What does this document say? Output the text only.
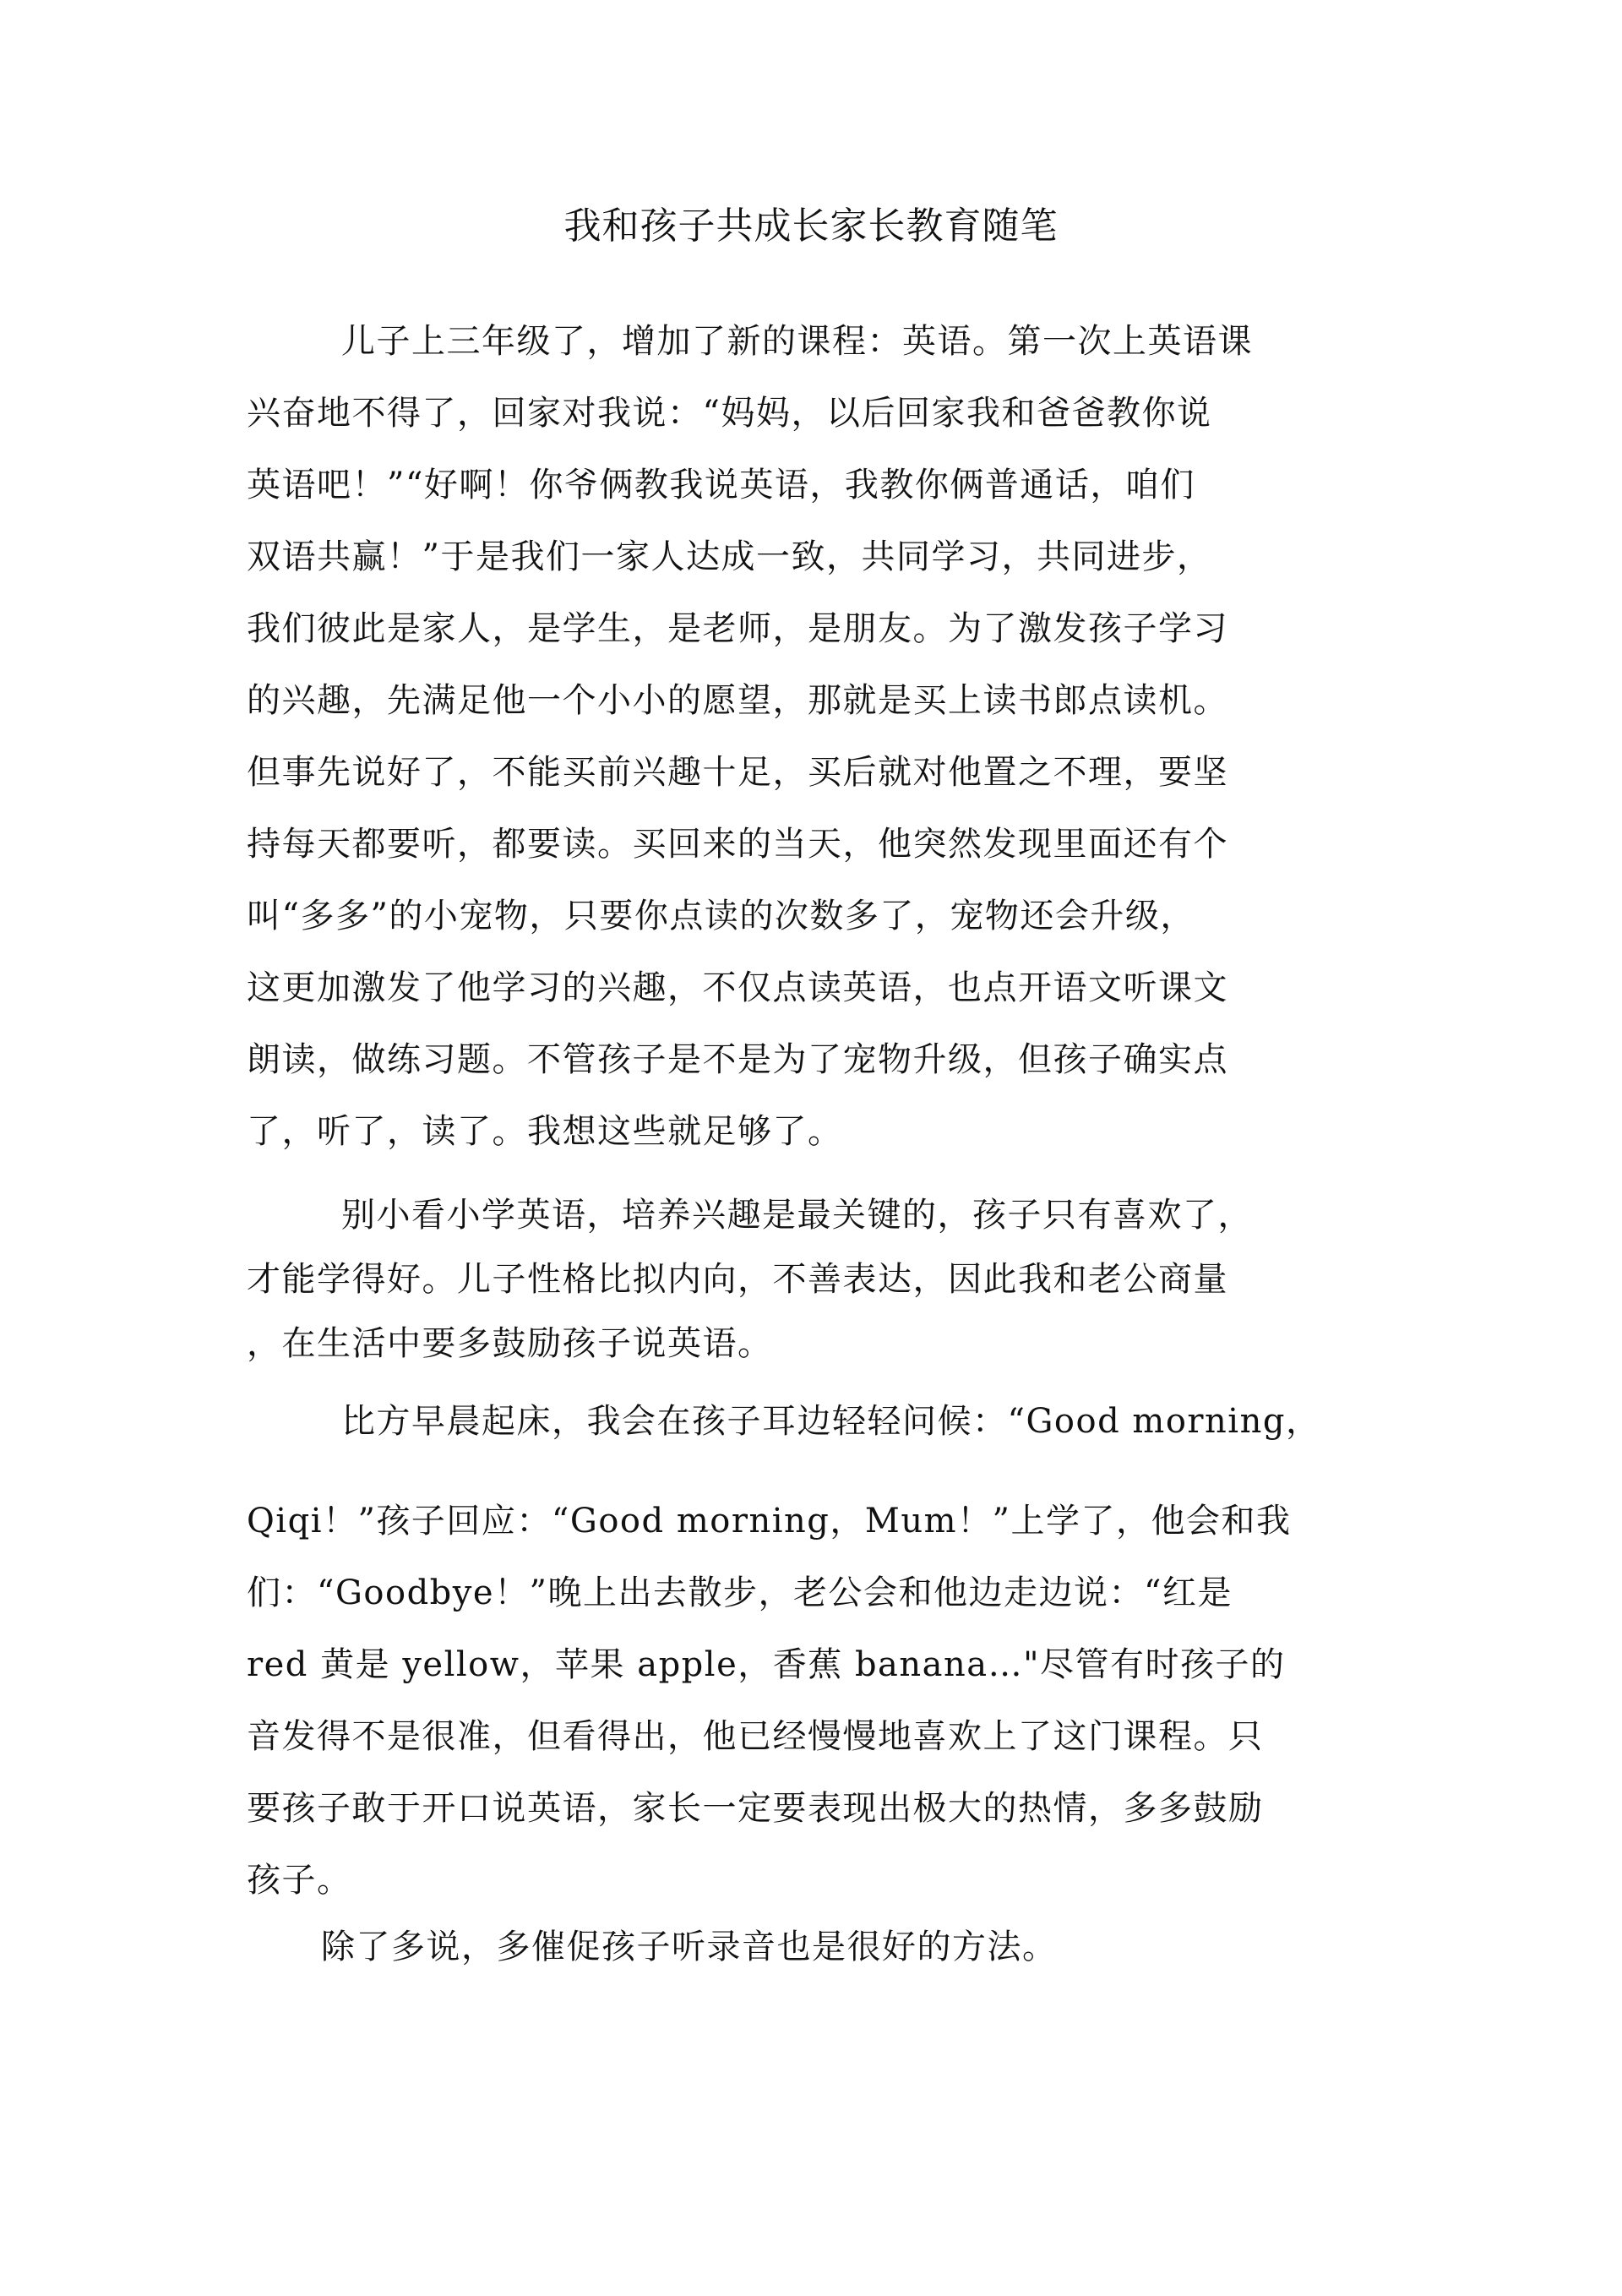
我和孩子共成长家长教育随笔
儿子上三年级了，增加了新的课程：英语。第一次上英语课
兴奋地不得了，回家对我说：“妈妈，以后回家我和爸爸教你说
英语吧！”“好啊！你爷俩教我说英语，我教你俩普通话，咱们
双语共赢！”于是我们一家人达成一致，共同学习，共同进步，
我们彼此是家人，是学生，是老师，是朋友。为了激发孩子学习
的兴趣，先满足他一个小小的愿望，那就是买上读书郎点读机。
但事先说好了，不能买前兴趣十足，买后就对他置之不理，要坚
持每天都要听，都要读。买回来的当天，他突然发现里面还有个
叫“多多”的小宠物，只要你点读的次数多了，宠物还会升级，
这更加激发了他学习的兴趣，不仅点读英语，也点开语文听课文
朗读，做练习题。不管孩子是不是为了宠物升级，但孩子确实点
了，听了，读了。我想这些就足够了。
别小看小学英语，培养兴趣是最关键的，孩子只有喜欢了，
才能学得好。儿子性格比拟内向，不善表达，因此我和老公商量
，在生活中要多鼓励孩子说英语。
比方早晨起床，我会在孩子耳边轻轻问候：“Good morning，
Qiqi！”孩子回应：“Good morning，Mum！”上学了，他会和我
们：“Goodbye！”晚上出去散步，老公会和他边走边说：“红是
red 黄是 yellow，苹果 apple，香蕉 banana…"尽管有时孩子的
音发得不是很准，但看得出，他已经慢慢地喜欢上了这门课程。只
要孩子敢于开口说英语，家长一定要表现出极大的热情，多多鼓励
孩子。
除了多说，多催促孩子听录音也是很好的方法。
